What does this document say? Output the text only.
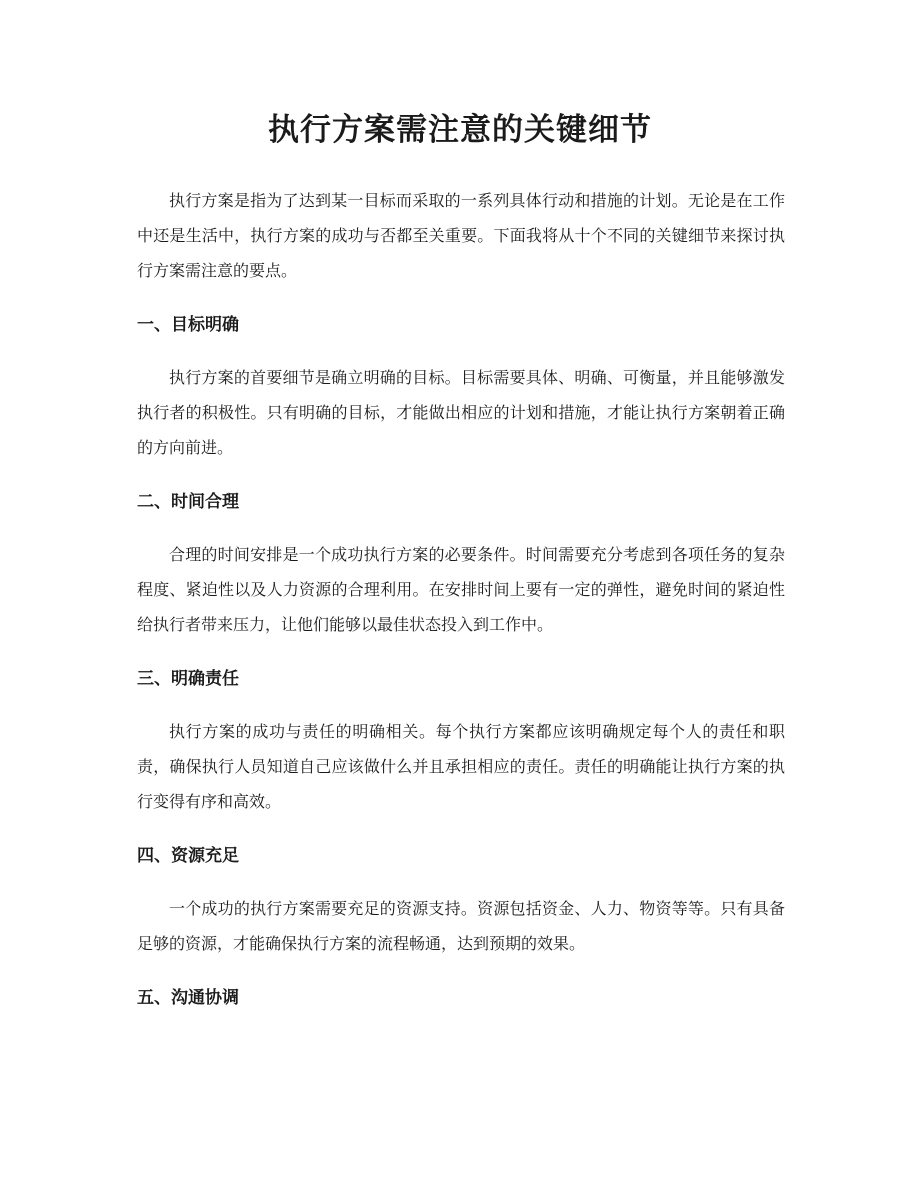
执行方案需注意的关键细节

执行方案是指为了达到某一目标而采取的一系列具体行动和措施的计划。无论是在工作中还是生活中，执行方案的成功与否都至关重要。下面我将从十个不同的关键细节来探讨执行方案需注意的要点。

一、目标明确

执行方案的首要细节是确立明确的目标。目标需要具体、明确、可衡量，并且能够激发执行者的积极性。只有明确的目标，才能做出相应的计划和措施，才能让执行方案朝着正确的方向前进。

二、时间合理

合理的时间安排是一个成功执行方案的必要条件。时间需要充分考虑到各项任务的复杂程度、紧迫性以及人力资源的合理利用。在安排时间上要有一定的弹性，避免时间的紧迫性给执行者带来压力，让他们能够以最佳状态投入到工作中。

三、明确责任

执行方案的成功与责任的明确相关。每个执行方案都应该明确规定每个人的责任和职责，确保执行人员知道自己应该做什么并且承担相应的责任。责任的明确能让执行方案的执行变得有序和高效。

四、资源充足

一个成功的执行方案需要充足的资源支持。资源包括资金、人力、物资等等。只有具备足够的资源，才能确保执行方案的流程畅通，达到预期的效果。

五、沟通协调
